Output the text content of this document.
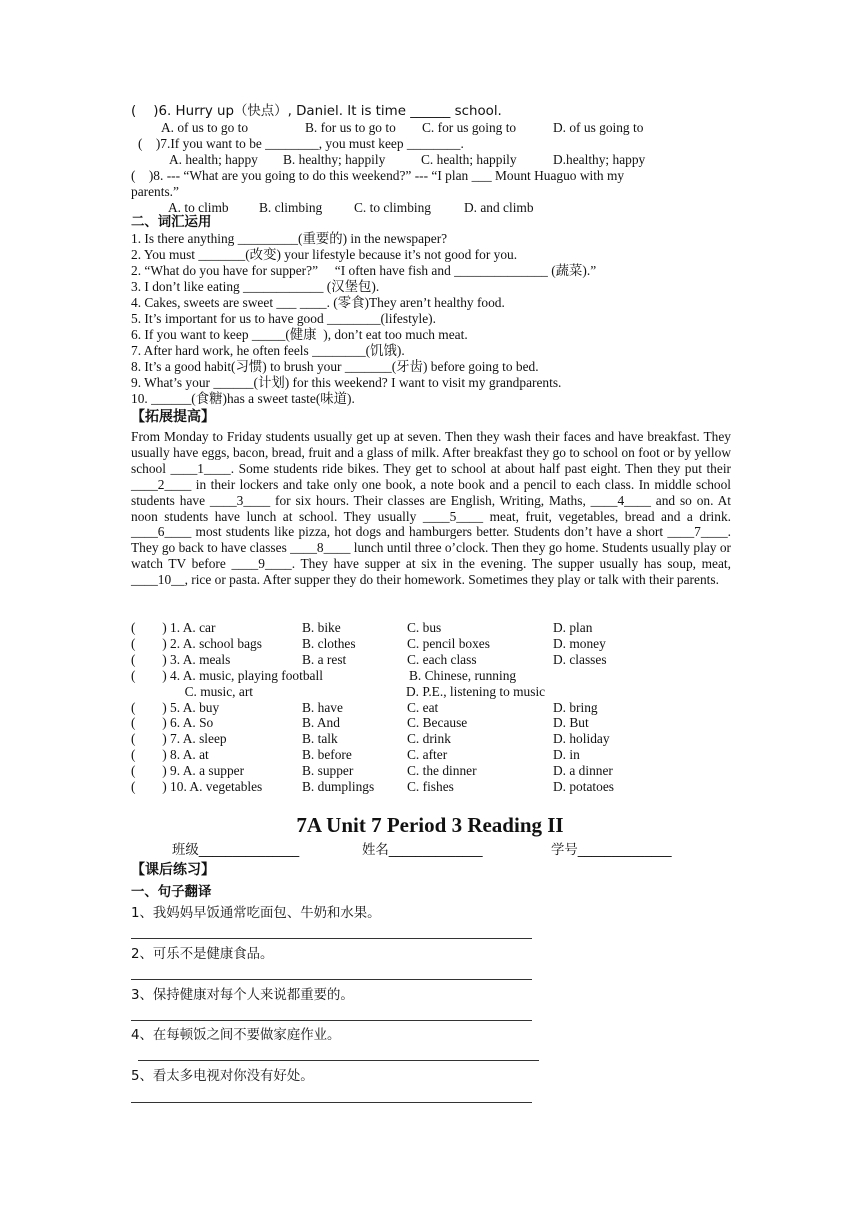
(    )6. Hurry up（快点）, Daniel. It is time ______ school.
A. of us to go to	B. for us to go to C. for us going to	D. of us going to
(    )7.If you want to be ________, you must keep ________.
A. health; happy B. healthy; happily	C. health; happily	D.healthy; happy
(    )8. --- “What are you going to do this weekend?” --- “I plan ___ Mount Huaguo with my
parents.”
A. to climb B. climbing C. to climbing D. and climb
二、词汇运用
1. Is there anything _________(重要的) in the newspaper?
2. You must _______(改变) your lifestyle because it’s not good for you.
2. “What do you have for supper?”     “I often have fish and ______________ (蔬菜).”
3. I don’t like eating ____________ (汉堡包).
4. Cakes, sweets are sweet ___ ____. (零食)They aren’t healthy food.
5. It’s important for us to have good ________(lifestyle).
6. If you want to keep _____(健康  ), don’t eat too much meat.
7. After hard work, he often feels ________(饥饿).
8. It’s a good habit(习惯) to brush your _______(牙齿) before going to bed.
9. What’s your ______(计划) for this weekend? I want to visit my grandparents.
10. ______(食糖)has a sweet taste(味道).
【拓展提高】
From Monday to Friday students usually get up at seven. Then they wash their faces and have breakfast. They usually have eggs, bacon, bread, fruit and a glass of milk. After breakfast they go to school on foot or by yellow school ____1____. Some students ride bikes. They get to school at about half past eight. Then they put their ____2____ in their lockers and take only one book, a note book and a pencil to each class. In middle school students have ____3____ for six hours. Their classes are English, Writing, Maths, ____4____ and so on. At noon students have lunch at school. They usually ____5____ meat, fruit, vegetables, bread and a drink. ____6____ most students like pizza, hot dogs and hamburgers better. Students don’t have a short ____7____. They go back to have classes ____8____ lunch until three o’clock. Then they go home. Students usually play or watch TV before ____9____. They have supper at six in the evening. The supper usually has soup, meat, ____10__, rice or pasta. After supper they do their homework. Sometimes they play or talk with their parents.
(        ) 1. A. car	B. bike	C. bus	D. plan
(        ) 2. A. school bags	B. clothes	C. pencil boxes	D. money
(        ) 3. A. meals	B. a rest	C. each class	D. classes
(        ) 4. A. music, playing football	B. Chinese, running
C. music, art	D. P.E., listening to music
(        ) 5. A. buy	B. have	C. eat	D. bring
(        ) 6. A. So	B. And	C. Because	D. But
(        ) 7. A. sleep	B. talk	C. drink	D. holiday
(        ) 8. A. at	B. before	C. after	D. in
(        ) 9. A. a supper	B. supper	C. the dinner	D. a dinner
(        ) 10. A. vegetables	B. dumplings C. fishes	D. potatoes
7A Unit 7 Period 3 Reading II
班级_______________	姓名______________	学号______________
【课后练习】
一、句子翻译
1、我妈妈早饭通常吃面包、牛奶和水果。
2、可乐不是健康食品。
3、保持健康对每个人来说都重要的。
4、在每顿饭之间不要做家庭作业。
5、看太多电视对你没有好处。
